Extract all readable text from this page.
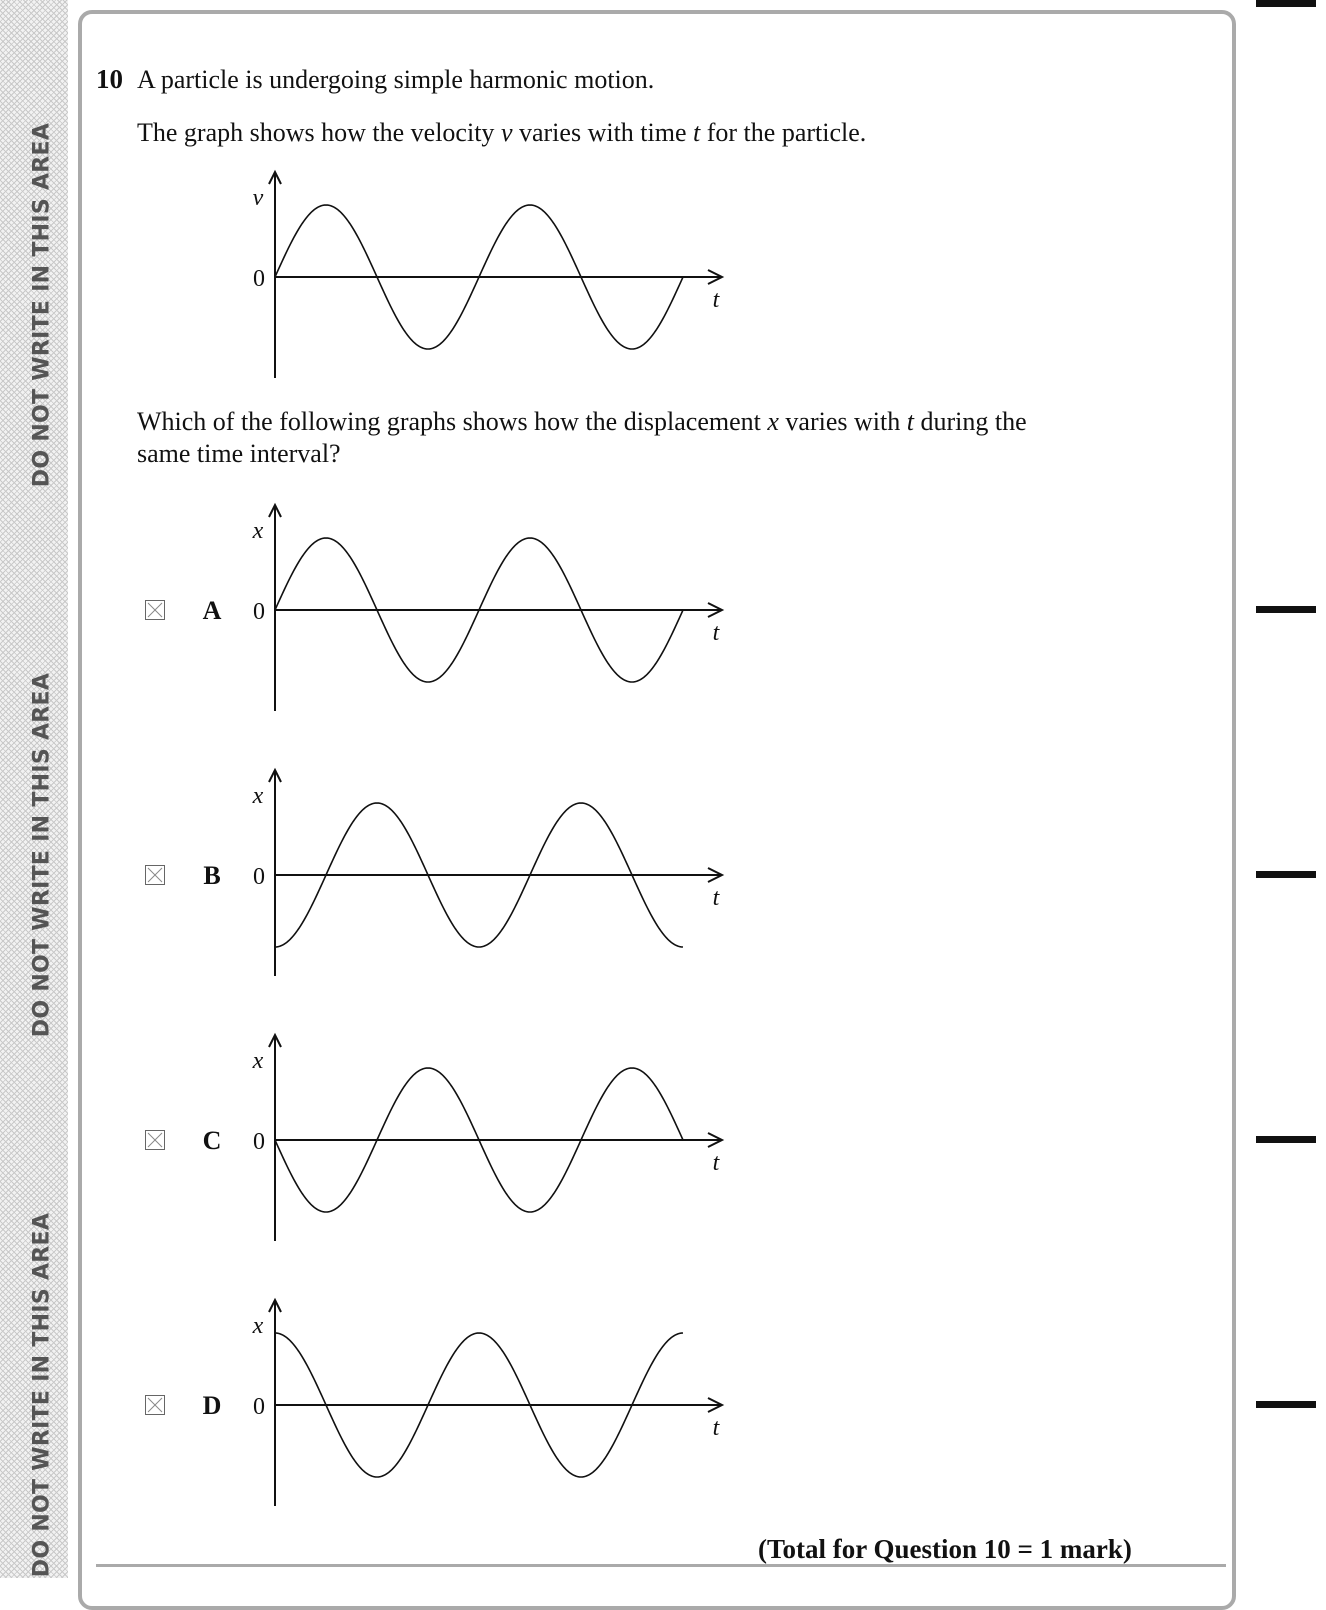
DO NOT WRITE IN THIS AREA
DO NOT WRITE IN THIS AREA
DO NOT WRITE IN THIS AREA
10 A particle is undergoing simple harmonic motion.
The graph shows how the velocity v varies with time t for the particle.
v
0
t
Which of the following graphs shows how the displacement x varies with t during the
same time interval?
A
x
0
t
B
x
0
t
C
x
0
t
D
x
0
t
(Total for Question 10 = 1 mark)
